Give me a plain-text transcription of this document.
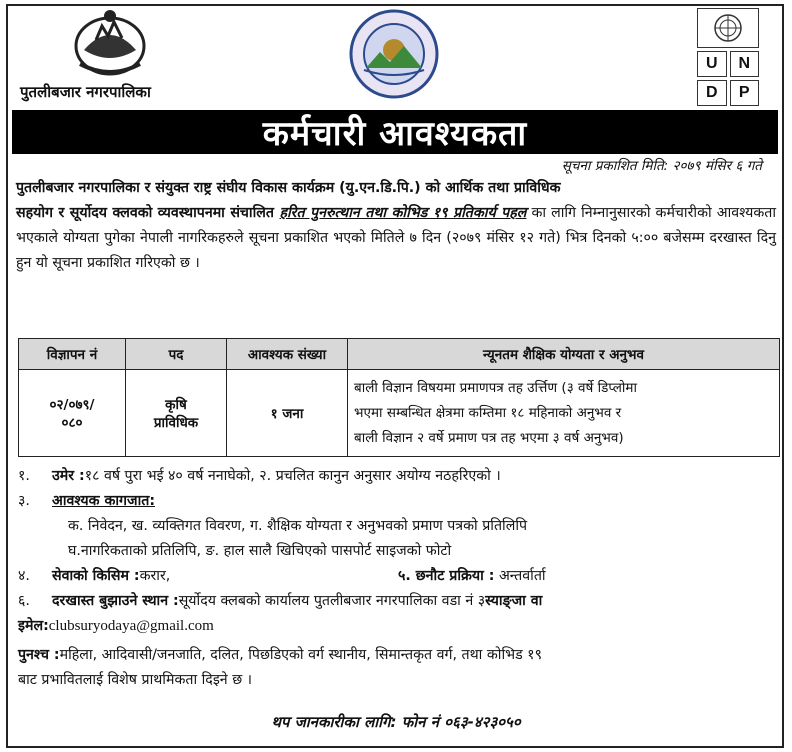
पुतलीबजार नगरपालिका
U	N
D	P
कर्मचारी आवश्यकता
सूचना प्रकाशित मिति: २०७९ मंसिर ६ गते
पुतलीबजार नगरपालिका र संयुक्त राष्ट्र संघीय विकास कार्यक्रम (यु.एन.डि.पि.) को आर्थिक तथा प्राविधिक
सहयोग र सूर्योदय क्लवको व्यवस्थापनमा संचालित हरित पुनरुत्थान तथा कोभिड १९ प्रतिकार्य पहल का लागि निम्नानुसारको कर्मचारीको आवश्यकता भएकाले योग्यता पुगेका नेपाली नागरिकहरुले सूचना प्रकाशित भएको मितिले ७ दिन (२०७९ मंसिर १२ गते) भित्र दिनको ५:०० बजेसम्म दरखास्त दिनु हुन यो सूचना प्रकाशित गरिएको छ ।
विज्ञापन नं	पद	आवश्यक संख्या	न्यूनतम शैक्षिक योग्यता र अनुभव
०२/०७९/
०८०	कृषि
प्राविधिक	१ जना	बाली विज्ञान विषयमा प्रमाणपत्र तह उर्त्तिण (३ वर्षे डिप्लोमा
भएमा सम्बन्धित क्षेत्रमा कम्तिमा १८ महिनाको अनुभव र
बाली विज्ञान २ वर्षे प्रमाण पत्र तह भएमा ३ वर्ष अनुभव)
१.	उमेर : १८ वर्ष पुरा भई ४० वर्ष ननाघेको, २. प्रचलित कानुन अनुसार अयोग्य नठहरिएको ।
३.	आवश्यक कागजात:
क. निवेदन, ख. व्यक्तिगत विवरण, ग. शैक्षिक योग्यता र अनुभवको प्रमाण पत्रको प्रतिलिपि
घ.नागरिकताको प्रतिलिपि, ङ. हाल सालै खिचिएको पासपोर्ट साइजको फोटो
४.	सेवाको किसिम : करार,	५. छनौट प्रक्रिया : अन्तर्वार्ता
६.	दरखास्त बुझाउने स्थान : सूर्योदय क्लबको कार्यालय पुतलीबजार नगरपालिका वडा नं ३ स्याङ्जा वा
इमेल: clubsuryodaya@gmail.com
पुनश्च : महिला, आदिवासी/जनजाति, दलित, पिछडिएको वर्ग स्थानीय, सिमान्तकृत वर्ग, तथा कोभिड १९
बाट प्रभावितलाई विशेष प्राथमिकता दिइने छ ।
थप जानकारीका लागि: फोन नं ०६३-४२३०५०
